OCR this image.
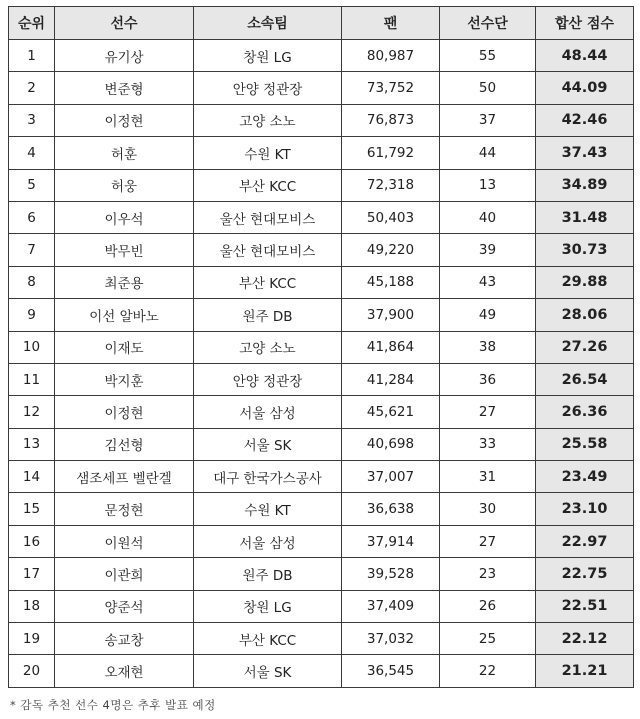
순위	선수	소속팀	팬	선수단	합산 점수
1	유기상	창원 LG	80,987	55	48.44
2	변준형	안양 정관장	73,752	50	44.09
3	이정현	고양 소노	76,873	37	42.46
4	허훈	수원 KT	61,792	44	37.43
5	허웅	부산 KCC	72,318	13	34.89
6	이우석	울산 현대모비스	50,403	40	31.48
7	박무빈	울산 현대모비스	49,220	39	30.73
8	최준용	부산 KCC	45,188	43	29.88
9	이선 알바노	원주 DB	37,900	49	28.06
10	이재도	고양 소노	41,864	38	27.26
11	박지훈	안양 정관장	41,284	36	26.54
12	이정현	서울 삼성	45,621	27	26.36
13	김선형	서울 SK	40,698	33	25.58
14	샘조세프 벨란겔	대구 한국가스공사	37,007	31	23.49
15	문정현	수원 KT	36,638	30	23.10
16	이원석	서울 삼성	37,914	27	22.97
17	이관희	원주 DB	39,528	23	22.75
18	양준석	창원 LG	37,409	26	22.51
19	송교창	부산 KCC	37,032	25	22.12
20	오재현	서울 SK	36,545	22	21.21
* 감독 추천 선수 4명은 추후 발표 예정
